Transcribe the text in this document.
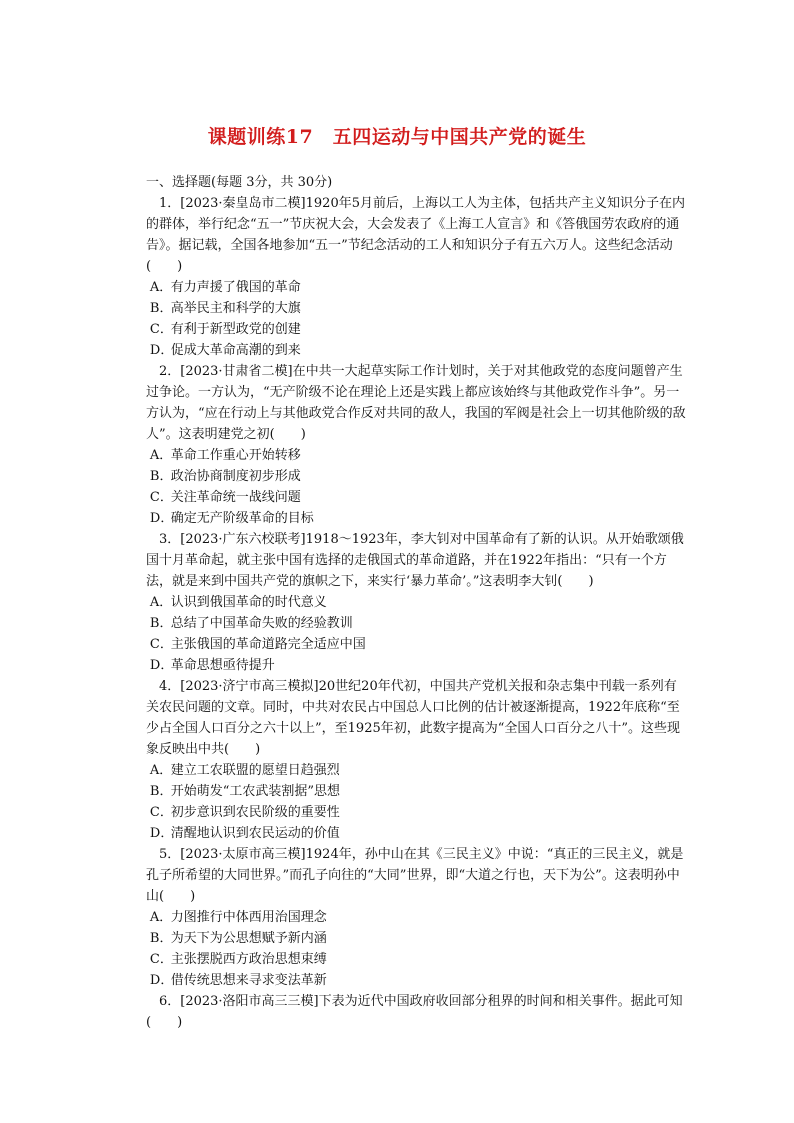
课题训练17　五四运动与中国共产党的诞生
一、选择题(每题 3分，共 30分)

1．[2023·秦皇岛市二模]1920年5月前后，上海以工人为主体，包括共产主义知识分子在内的群体，举行纪念“五一”节庆祝大会，大会发表了《上海工人宣言》和《答俄国劳农政府的通告》。据记载，全国各地参加“五一”节纪念活动的工人和知识分子有五六万人。这些纪念活动(　　)

A．有力声援了俄国的革命
B．高举民主和科学的大旗
C．有利于新型政党的创建
D．促成大革命高潮的到来

2．[2023·甘肃省二模]在中共一大起草实际工作计划时，关于对其他政党的态度问题曾产生过争论。一方认为，“无产阶级不论在理论上还是实践上都应该始终与其他政党作斗争”。另一方认为，“应在行动上与其他政党合作反对共同的敌人，我国的军阀是社会上一切其他阶级的敌人”。这表明建党之初(　　)

A．革命工作重心开始转移
B．政治协商制度初步形成
C．关注革命统一战线问题
D．确定无产阶级革命的目标

3．[2023·广东六校联考]1918～1923年，李大钊对中国革命有了新的认识。从开始歌颂俄国十月革命起，就主张中国有选择的走俄国式的革命道路，并在1922年指出：“只有一个方法，就是来到中国共产党的旗帜之下，来实行‘暴力革命’。”这表明李大钊(　　)

A．认识到俄国革命的时代意义
B．总结了中国革命失败的经验教训
C．主张俄国的革命道路完全适应中国
D．革命思想亟待提升

4．[2023·济宁市高三模拟]20世纪20年代初，中国共产党机关报和杂志集中刊载一系列有关农民问题的文章。同时，中共对农民占中国总人口比例的估计被逐渐提高，1922年底称“至少占全国人口百分之六十以上”，至1925年初，此数字提高为“全国人口百分之八十”。这些现象反映出中共(　　)

A．建立工农联盟的愿望日趋强烈
B．开始萌发“工农武装割据”思想
C．初步意识到农民阶级的重要性
D．清醒地认识到农民运动的价值

5．[2023·太原市高三模]1924年，孙中山在其《三民主义》中说：“真正的三民主义，就是孔子所希望的大同世界。”而孔子向往的“大同”世界，即“大道之行也，天下为公”。这表明孙中山(　　)

A．力图推行中体西用治国理念
B．为天下为公思想赋予新内涵
C．主张摆脱西方政治思想束缚
D．借传统思想来寻求变法革新

6．[2023·洛阳市高三三模]下表为近代中国政府收回部分租界的时间和相关事件。据此可知(　　)
